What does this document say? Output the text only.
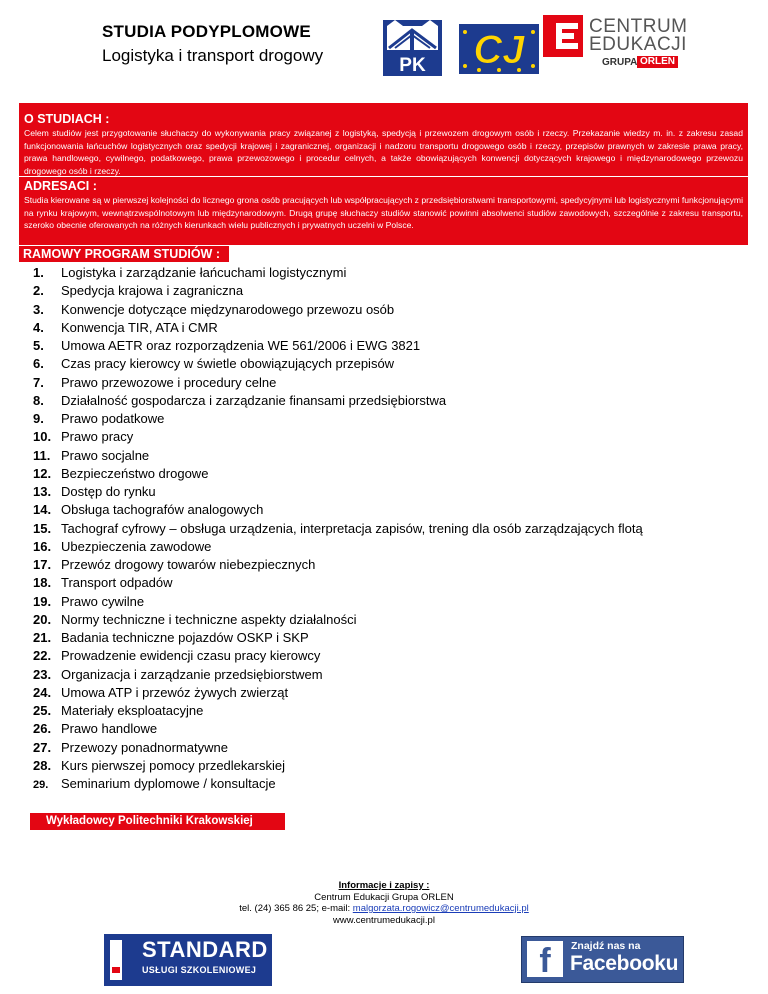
STUDIA PODYPLOMOWE
Logistyka i transport drogowy	PK CJ
CENTRUM
EDUKACJI
GRUPA ORLEN
O STUDIACH :
Celem studiów jest przygotowanie słuchaczy do wykonywania pracy związanej z logistyką, spedycją i przewozem drogowym osób i rzeczy. Przekazanie wiedzy m. in. z zakresu zasad funkcjonowania łańcuchów logistycznych oraz spedycji krajowej i zagranicznej, organizacji i nadzoru transportu drogowego osób i rzeczy, przepisów prawnych w zakresie prawa pracy, prawa handlowego, cywilnego, podatkowego, prawa przewozowego i procedur celnych, a także obowiązujących konwencji dotyczących krajowego i międzynarodowego przewozu drogowego osób i rzeczy.
ADRESACI :
Studia kierowane są w pierwszej kolejności do licznego grona osób pracujących lub współpracujących z przedsiębiorstwami transportowymi, spedycyjnymi lub logistycznymi funkcjonującymi na rynku krajowym, wewnątrzwspólnotowym lub międzynarodowym. Drugą grupę słuchaczy studiów stanowić powinni absolwenci studiów zawodowych, szczególnie z zakresu transportu, szeroko obecnie oferowanych na różnych kierunkach wielu publicznych i prywatnych uczelni w Polsce.
RAMOWY PROGRAM STUDIÓW :
1. Logistyka i zarządzanie łańcuchami logistycznymi
2. Spedycja krajowa i zagraniczna
3. Konwencje dotyczące międzynarodowego przewozu osób
4. Konwencja TIR, ATA i CMR
5. Umowa AETR oraz rozporządzenia WE 561/2006 i EWG 3821
6. Czas pracy kierowcy w świetle obowiązujących przepisów
7. Prawo przewozowe i procedury celne
8. Działalność gospodarcza i zarządzanie finansami przedsiębiorstwa
9. Prawo podatkowe
10. Prawo pracy
11. Prawo socjalne
12. Bezpieczeństwo drogowe
13. Dostęp do rynku
14. Obsługa tachografów analogowych
15. Tachograf cyfrowy – obsługa urządzenia, interpretacja zapisów, trening dla osób zarządzających flotą
16. Ubezpieczenia zawodowe
17. Przewóz drogowy towarów niebezpiecznych
18. Transport odpadów
19. Prawo cywilne
20. Normy techniczne i techniczne aspekty działalności
21. Badania techniczne pojazdów OSKP i SKP
22. Prowadzenie ewidencji czasu pracy kierowcy
23. Organizacja i zarządzanie przedsiębiorstwem
24. Umowa ATP i przewóz żywych zwierząt
25. Materiały eksploatacyjne
26. Prawo handlowe
27. Przewozy ponadnormatywne
28. Kurs pierwszej pomocy przedlekarskiej
29. Seminarium dyplomowe / konsultacje
Wykładowcy Politechniki Krakowskiej
Informacje i zapisy :
Centrum Edukacji Grupa ORLEN
tel. (24) 365 86 25; e-mail: malgorzata.rogowicz@centrumedukacji.pl
www.centrumedukacji.pl
STANDARD
USŁUGI SZKOLENIOWEJ	f	Znajdź nas na
Facebooku
